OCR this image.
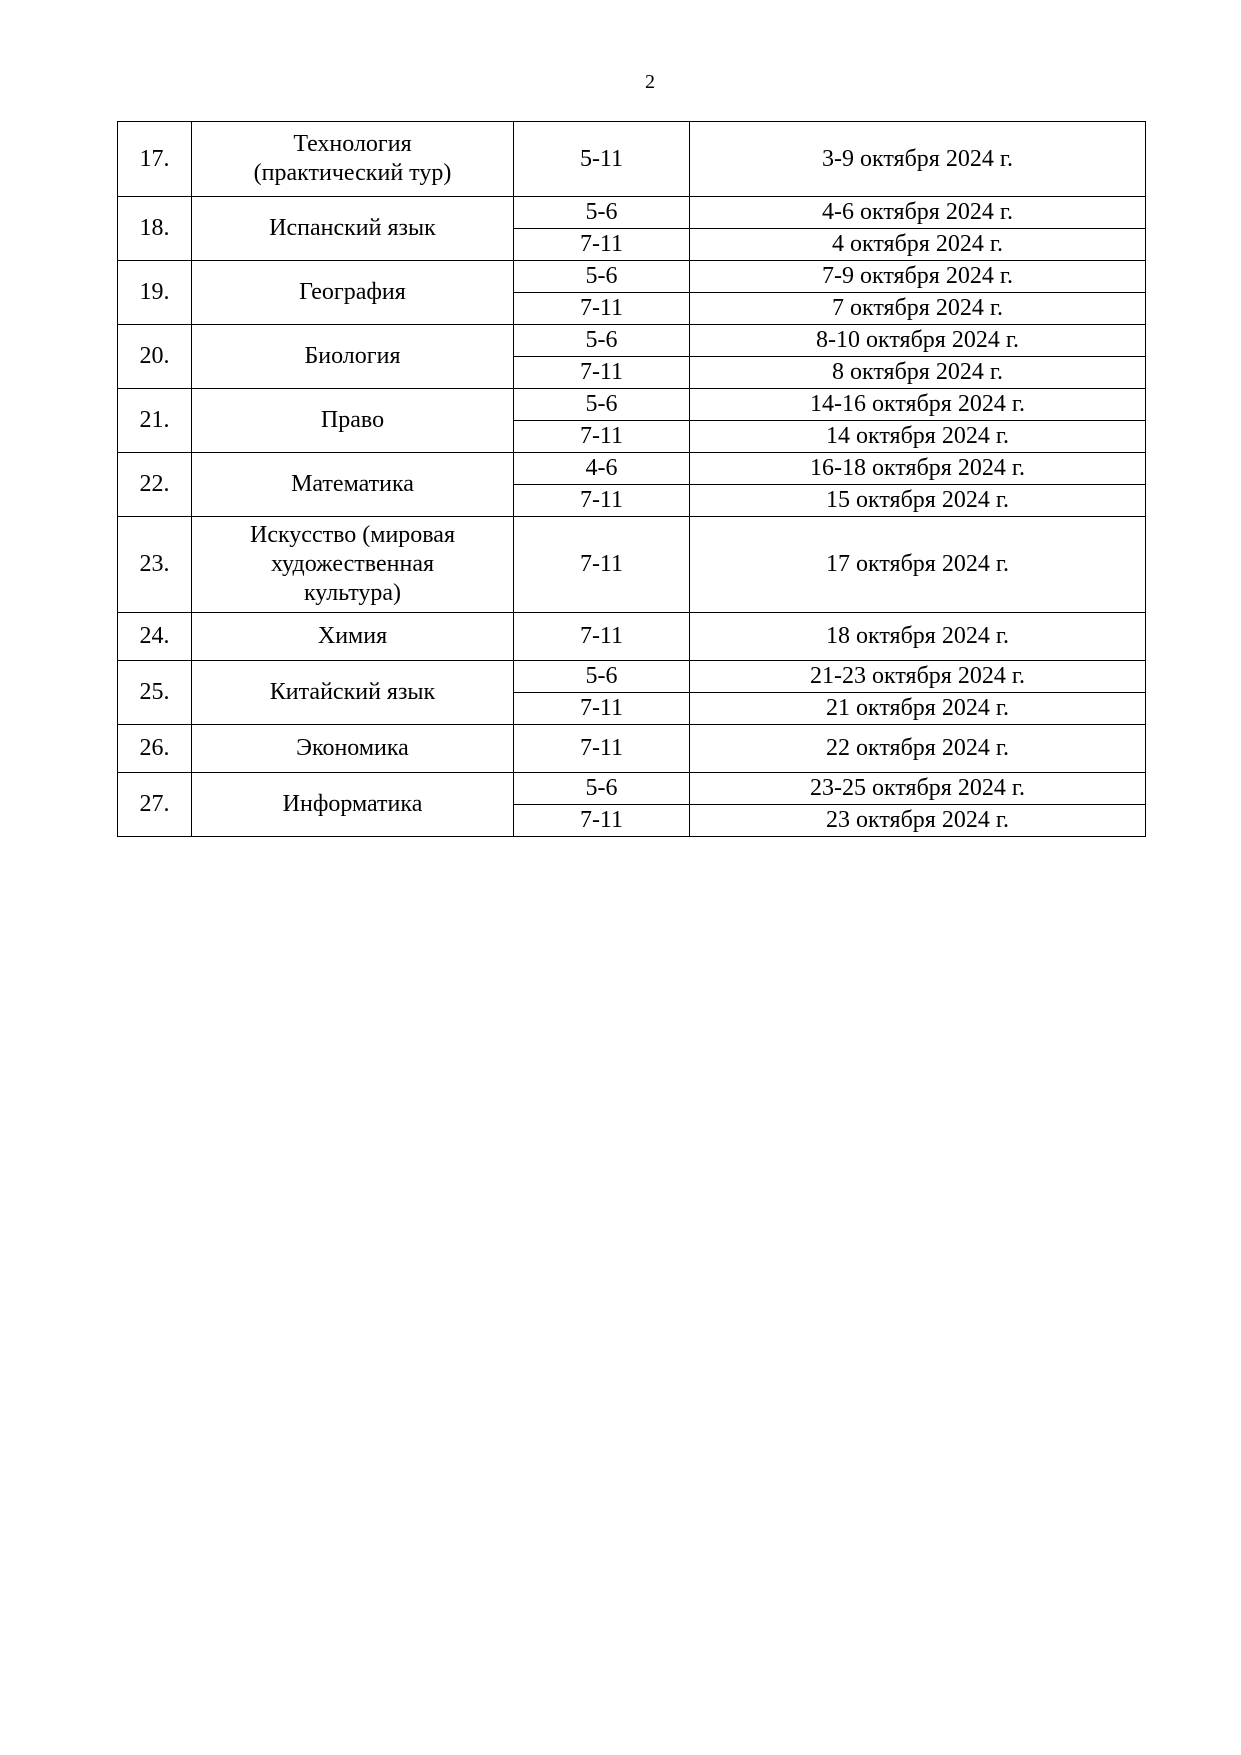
2
17.	Технология
(практический тур)	5-11	3-9 октября 2024 г.
18.	Испанский язык	5-6	4-6 октября 2024 г.
		7-11	4 октября 2024 г.
19.	География	5-6	7-9 октября 2024 г.
		7-11	7 октября 2024 г.
20.	Биология	5-6	8-10 октября 2024 г.
		7-11	8 октября 2024 г.
21.	Право	5-6	14-16 октября 2024 г.
		7-11	14 октября 2024 г.
22.	Математика	4-6	16-18 октября 2024 г.
		7-11	15 октября 2024 г.
23.	Искусство (мировая
художественная
культура)	7-11	17 октября 2024 г.
24.	Химия	7-11	18 октября 2024 г.
25.	Китайский язык	5-6	21-23 октября 2024 г.
		7-11	21 октября 2024 г.
26.	Экономика	7-11	22 октября 2024 г.
27.	Информатика	5-6	23-25 октября 2024 г.
		7-11	23 октября 2024 г.
